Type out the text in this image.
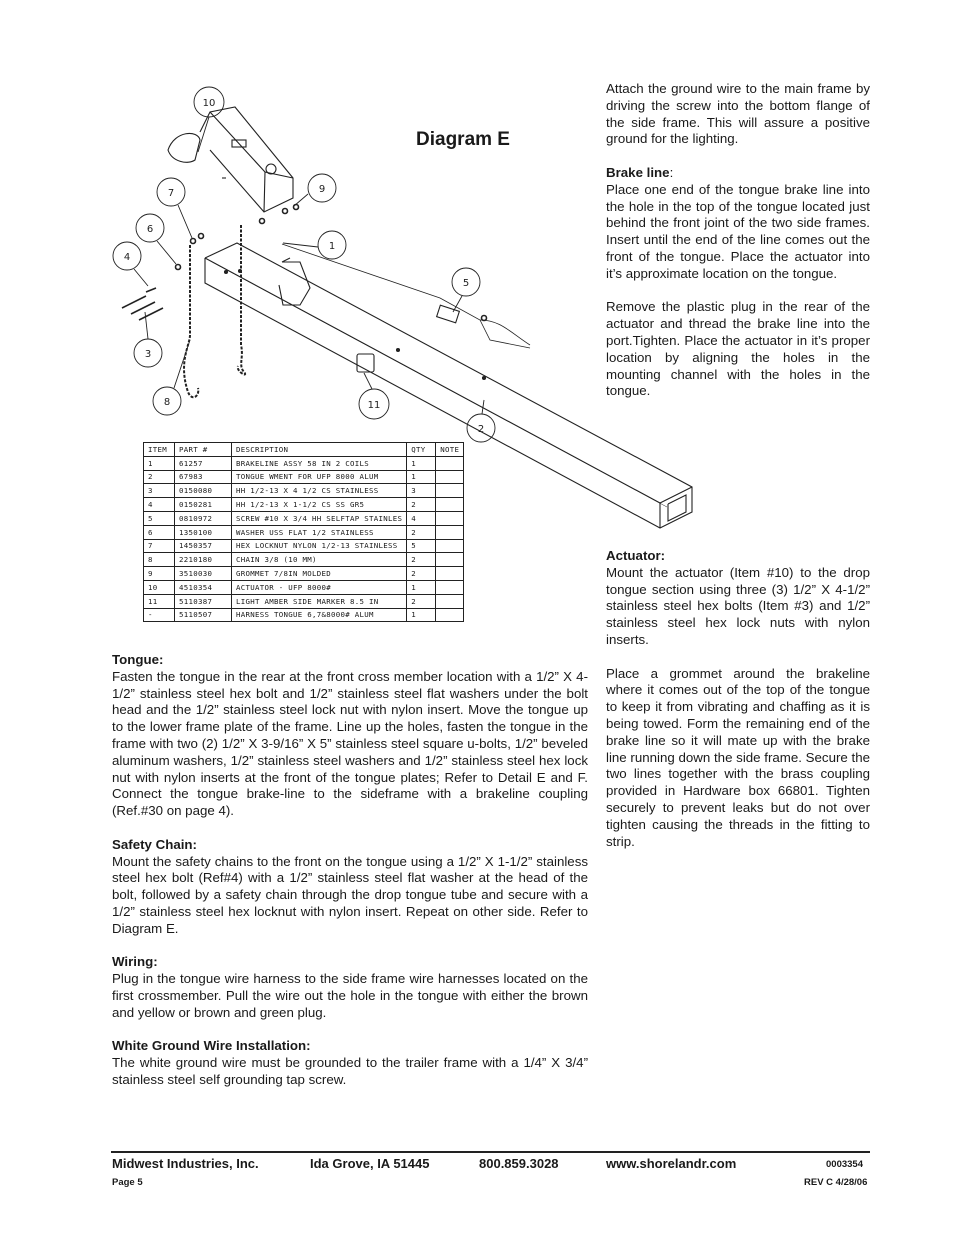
10
9
7
6
4
1
5
3
8	11
2
Diagram E
ITEM	PART #	DESCRIPTION	QTY	NOTE
1	61257	BRAKELINE ASSY 58 IN 2 COILS	1	
2	67983	TONGUE WMENT FOR UFP 8000 ALUM	1	
3	0150080	HH 1/2-13 X 4 1/2 CS STAINLESS	3	
4	0150281	HH 1/2-13 X 1-1/2 CS SS GR5	2	
5	0810972	SCREW #10 X 3/4 HH SELFTAP STAINLES	4	
6	1350100	WASHER USS FLAT 1/2 STAINLESS	2	
7	1450357	HEX LOCKNUT NYLON 1/2-13 STAINLESS	5	
8	2210180	CHAIN 3/8 (10 MM)	2	
9	3510030	GROMMET 7/8IN MOLDED	2	
10	4510354	ACTUATOR - UFP 8000#	1	
11	5110387	LIGHT AMBER SIDE MARKER 8.5 IN	2	
-	5110507	HARNESS TONGUE 6,7&8000# ALUM	1	

Attach the ground wire to the main frame by driving the screw into the bottom flange of the side frame. This will assure a positive ground for the lighting.

Brake line:

Place one end of the tongue brake line into the hole in the top of the tongue located just behind the front joint of the two side frames. Insert until the end of the line comes out the front of the tongue. Place the actuator into it’s approximate location on the tongue.

Remove the plastic plug in the rear of the actuator and thread the brake line into the port.Tighten. Place the actuator in it’s proper location by aligning the holes in the mounting channel with the holes in the tongue.

Actuator:

Mount the actuator (Item #10) to the drop tongue section using three (3) 1/2” X 4-1/2” stainless steel hex bolts (Item #3) and 1/2” stainless steel hex lock nuts with nylon inserts.

Place a grommet around the brakeline where it comes out of the top of the tongue to keep it from vibrating and chaffing as it is being towed. Form the remaining end of the brake line so it will mate up with the brake line running down the side frame. Secure the two lines together with the brass coupling provided in Hardware box 66801. Tighten securely to prevent leaks but do not over tighten causing the threads in the fitting to strip.

Tongue:

Fasten the tongue in the rear at the front cross member location with a 1/2” X 4-1/2” stainless steel hex bolt and 1/2” stainless steel flat washers under the bolt head and the 1/2” stainless steel lock nut with nylon insert. Move the tongue up to the lower frame plate of the frame. Line up the holes, fasten the tongue in the frame with two (2) 1/2” X 3-9/16” X 5” stainless steel square u-bolts, 1/2” beveled aluminum washers, 1/2” stainless steel washers and 1/2” stainless steel hex lock nut with nylon inserts at the front of the tongue plates; Refer to Detail E and F. Connect the tongue brake-line to the sideframe with a brakeline coupling (Ref.#30 on page 4).

Safety Chain:

Mount the safety chains to the front on the tongue using a 1/2” X 1-1/2” stainless steel hex bolt (Ref#4) with a 1/2” stainless steel flat washer at the head of the bolt, followed by a safety chain through the drop tongue tube and secure with a 1/2” stainless steel hex locknut with nylon insert. Repeat on other side. Refer to Diagram E.

Wiring:

Plug in the tongue wire harness to the side frame wire harnesses located on the first crossmember. Pull the wire out the hole in the tongue with either the brown and yellow or brown and green plug.

White Ground Wire Installation:

The white ground wire must be grounded to the trailer frame with a 1/4” X 3/4” stainless steel self grounding tap screw.

Midwest Industries, Inc.	Ida Grove, IA 51445	800.859.3028	www.shorelandr.com	0003354
Page 5	REV C 4/28/06
